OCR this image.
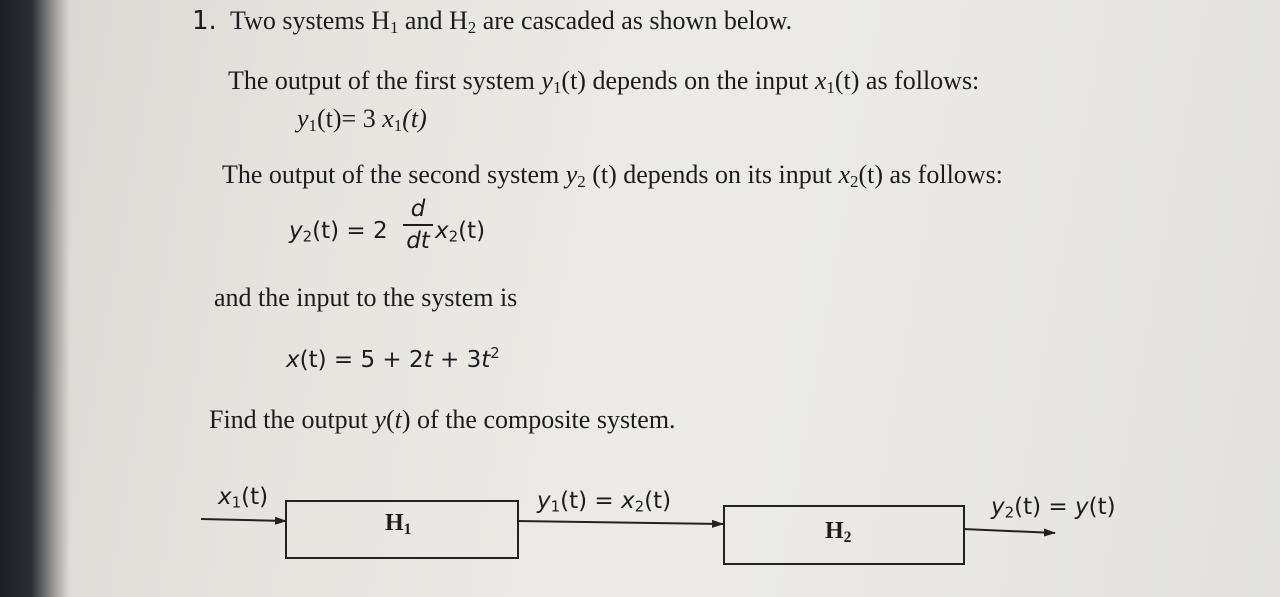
1. Two systems $H_1$ and $H_2$ are cascaded as shown below.
The output of the first system $y_1(t)$ depends on the input $x_1(t)$ as follows:
$y_1(t)= 3$ $x_1(t)$
The output of the second system $y_2$ (t) depends on its input $x_2(t)$ as follows:
$y_2(t) = 2$
d
dt $x_2(t)$
and the input to the system is
$x(t) = 5 + 2t + 3t^2$
Find the output y(t) of the composite system.
$x_1(t)$
$H_1$
$y_1(t) = x_2(t)$
$H_2$
$y_2(t) = y(t)$
